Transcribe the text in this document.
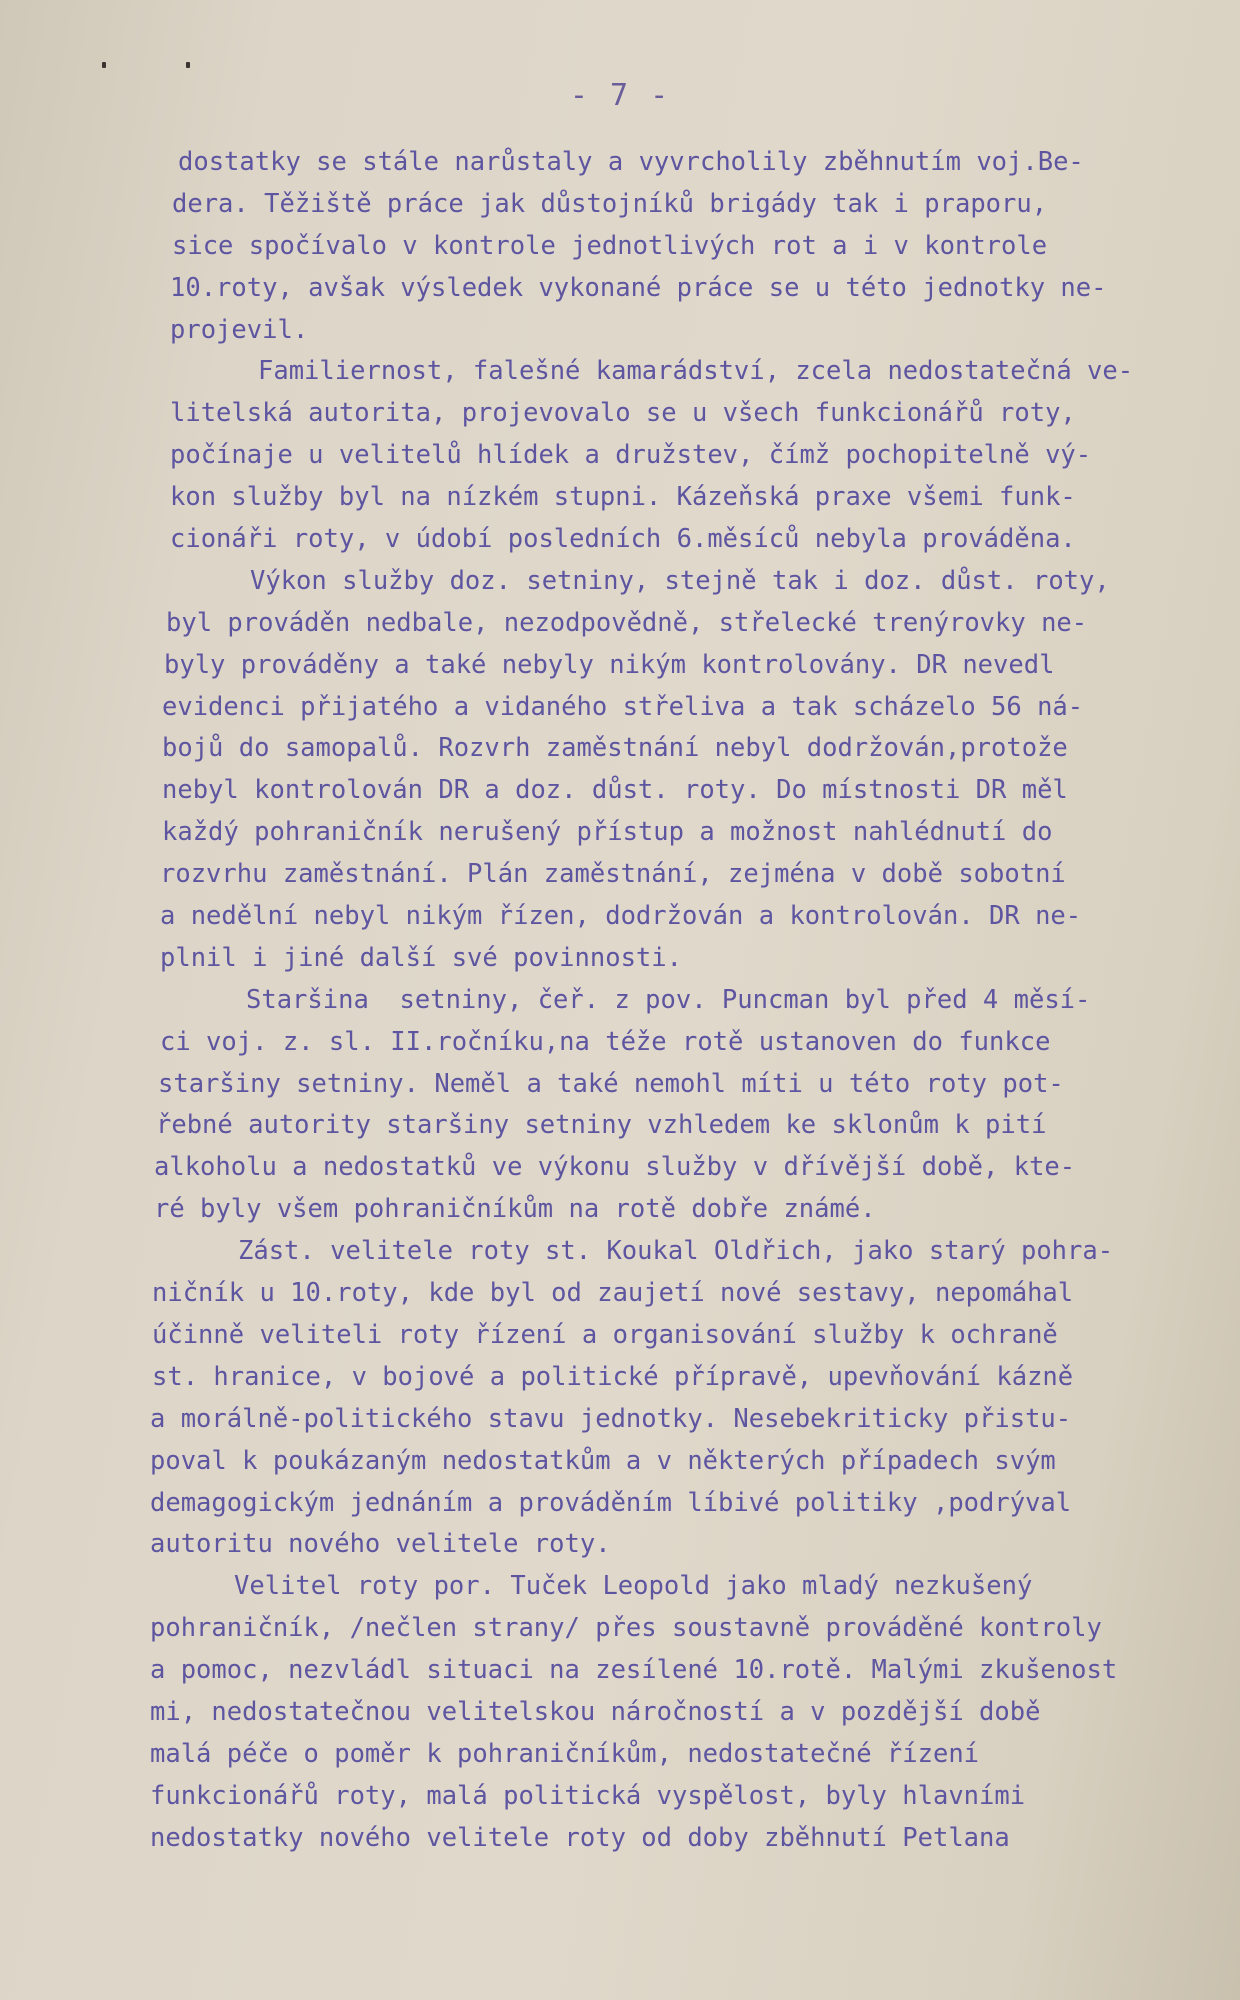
- 7 -
dostatky se stále narůstaly a vyvrcholily zběhnutím voj.Be-
dera. Těžiště práce jak důstojníků brigády tak i praporu,
sice spočívalo v kontrole jednotlivých rot a i v kontrole
10.roty, avšak výsledek vykonané práce se u této jednotky ne-
projevil.
Familiernost, falešné kamarádství, zcela nedostatečná ve-
litelská autorita, projevovalo se u všech funkcionářů roty,
počínaje u velitelů hlídek a družstev, čímž pochopitelně vý-
kon služby byl na nízkém stupni. Kázeňská praxe všemi funk-
cionáři roty, v údobí posledních 6.měsíců nebyla prováděna.
Výkon služby doz. setniny, stejně tak i doz. důst. roty,
byl prováděn nedbale, nezodpovědně, střelecké trenýrovky ne-
byly prováděny a také nebyly nikým kontrolovány. DR nevedl
evidenci přijatého a vidaného střeliva a tak scházelo 56 ná-
bojů do samopalů. Rozvrh zaměstnání nebyl dodržován,protože
nebyl kontrolován DR a doz. důst. roty. Do místnosti DR měl
každý pohraničník nerušený přístup a možnost nahlédnutí do
rozvrhu zaměstnání. Plán zaměstnání, zejména v době sobotní
a nedělní nebyl nikým řízen, dodržován a kontrolován. DR ne-
plnil i jiné další své povinnosti.
Staršina  setniny, čeř. z pov. Puncman byl před 4 měsí-
ci voj. z. sl. II.ročníku,na téže rotě ustanoven do funkce
staršiny setniny. Neměl a také nemohl míti u této roty pot-
řebné autority staršiny setniny vzhledem ke sklonům k pití
alkoholu a nedostatků ve výkonu služby v dřívější době, kte-
ré byly všem pohraničníkům na rotě dobře známé.
Zást. velitele roty st. Koukal Oldřich, jako starý pohra-
ničník u 10.roty, kde byl od zaujetí nové sestavy, nepomáhal
účinně veliteli roty řízení a organisování služby k ochraně
st. hranice, v bojové a politické přípravě, upevňování kázně
a morálně-politického stavu jednotky. Nesebekriticky přistu-
poval k poukázaným nedostatkům a v některých případech svým
demagogickým jednáním a prováděním líbivé politiky ,podrýval
autoritu nového velitele roty.
Velitel roty por. Tuček Leopold jako mladý nezkušený
pohraničník, /nečlen strany/ přes soustavně prováděné kontroly
a pomoc, nezvládl situaci na zesílené 10.rotě. Malými zkušenost
mi, nedostatečnou velitelskou náročností a v pozdější době
malá péče o poměr k pohraničníkům, nedostatečné řízení
funkcionářů roty, malá politická vyspělost, byly hlavními
nedostatky nového velitele roty od doby zběhnutí Petlana
